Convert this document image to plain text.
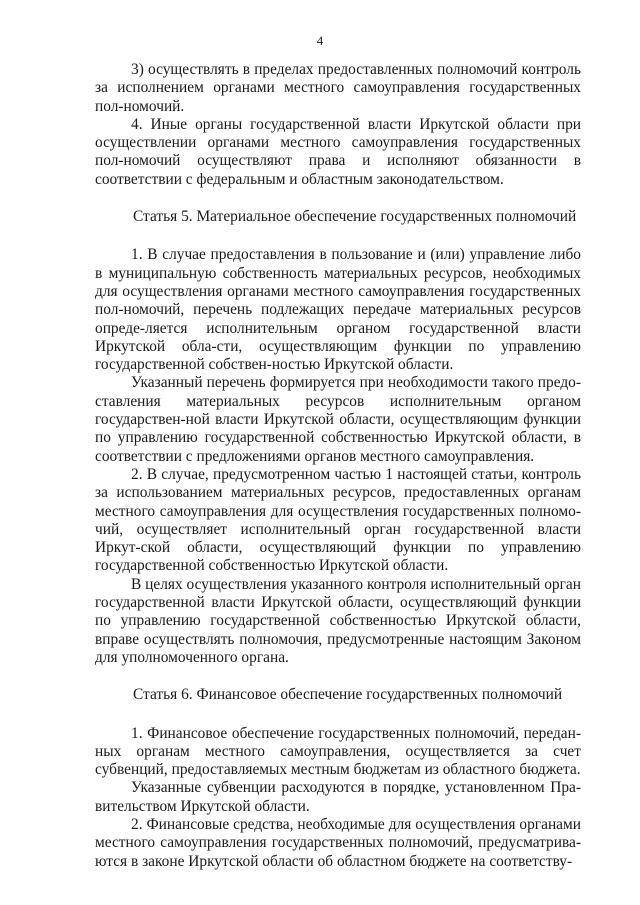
4

3) осуществлять в пределах предоставленных полномочий контроль за исполнением органами местного самоуправления государственных пол-номочий.

4. Иные органы государственной власти Иркутской области при осуществлении органами местного самоуправления государственных пол-номочий осуществляют права и исполняют обязанности в соответствии с федеральным и областным законодательством.

Статья 5. Материальное обеспечение государственных полномочий

1. В случае предоставления в пользование и (или) управление либо в муниципальную собственность материальных ресурсов, необходимых для осуществления органами местного самоуправления государственных пол-номочий, перечень подлежащих передаче материальных ресурсов опреде-ляется исполнительным органом государственной власти Иркутской обла-сти, осуществляющим функции по управлению государственной собствен-ностью Иркутской области.

Указанный перечень формируется при необходимости такого предо-ставления материальных ресурсов исполнительным органом государствен-ной власти Иркутской области, осуществляющим функции по управлению государственной собственностью Иркутской области, в соответствии с предложениями органов местного самоуправления.

2. В случае, предусмотренном частью 1 настоящей статьи, контроль за использованием материальных ресурсов, предоставленных органам местного самоуправления для осуществления государственных полномо-чий, осуществляет исполнительный орган государственной власти Иркут-ской области, осуществляющий функции по управлению государственной собственностью Иркутской области.

В целях осуществления указанного контроля исполнительный орган государственной власти Иркутской области, осуществляющий функции по управлению государственной собственностью Иркутской области, вправе осуществлять полномочия, предусмотренные настоящим Законом для уполномоченного органа.

Статья 6. Финансовое обеспечение государственных полномочий

1. Финансовое обеспечение государственных полномочий, передан-ных органам местного самоуправления, осуществляется за счет субвенций, предоставляемых местным бюджетам из областного бюджета.

Указанные субвенции расходуются в порядке, установленном Пра-вительством Иркутской области.

2. Финансовые средства, необходимые для осуществления органами местного самоуправления государственных полномочий, предусматрива-ются в законе Иркутской области об областном бюджете на соответству-
